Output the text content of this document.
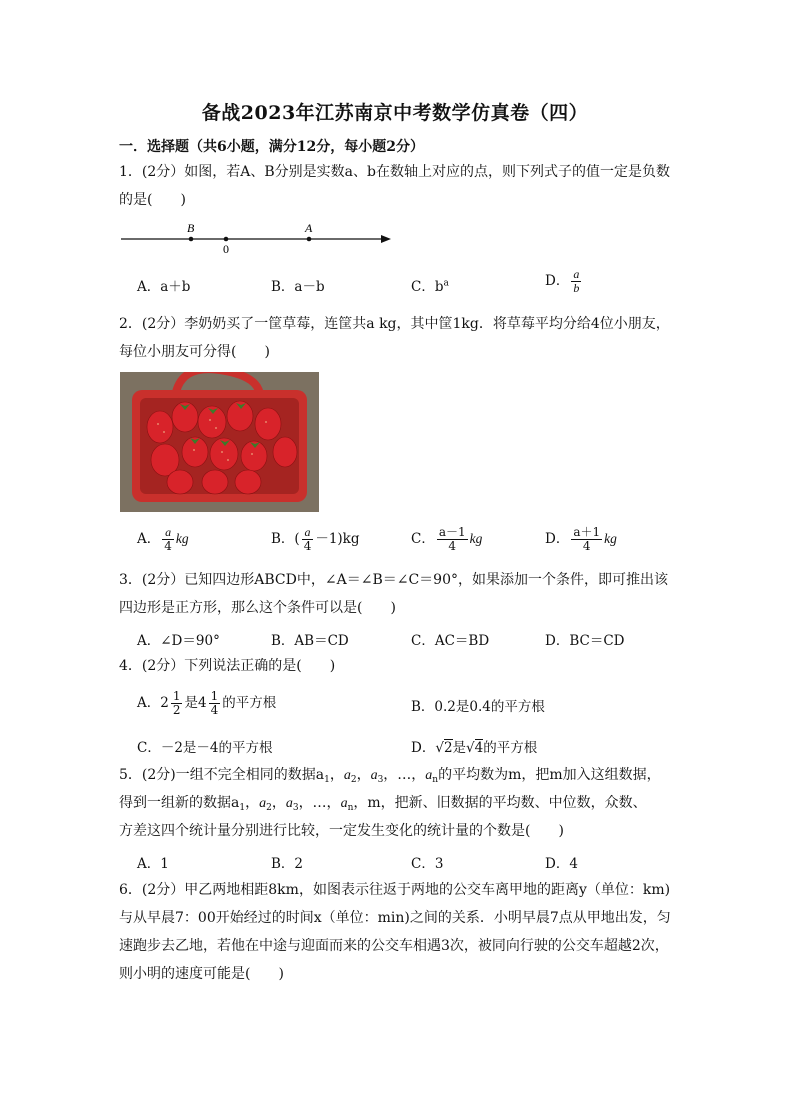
备战2023年江苏南京中考数学仿真卷（四）
一．选择题（共6小题，满分12分，每小题2分）
1．(2分）如图，若A、B分别是实数a、b在数轴上对应的点，则下列式子的值一定是负数的是(　　)
B
0
A
A．a＋b	B．a－b	C．$b^a$	D． $\frac{a}{b}$
2．(2分）李奶奶买了一筐草莓，连筐共a kg，其中筐1kg．将草莓平均分给4位小朋友，每位小朋友可分得(　　)
A． $\frac{a}{4}$ kg	B．( $\frac{a}{4} -1)kg$	C． $\frac{a-1}{4}$ kg	D． $\frac{a+1}{4}$ kg
3．(2分）已知四边形ABCD中，∠A＝∠B＝∠C＝90°，如果添加一个条件，即可推出该四边形是正方形，那么这个条件可以是(　　)
A．∠D＝90°	B．AB＝CD	C．AC＝BD	D．BC＝CD
4．(2分）下列说法正确的是(　　)
A．$2 \frac{1}{2}$ 是$4 \frac{1}{4}$ 的平方根	B．0.2是0.4的平方根
C．－2是－4的平方根	D．√2是√4的平方根
5．(2分)一组不完全相同的数据$a_1$，$a_2$，$a_3$，…，$a_n$的平均数为m，把m加入这组数据，
得到一组新的数据$a_1$，$a_2$，$a_3$，…，$a_n$，m，把新、旧数据的平均数、中位数，众数、
方差这四个统计量分别进行比较，一定发生变化的统计量的个数是(　　)
A．1	B．2	C．3	D．4
6．(2分）甲乙两地相距8km，如图表示往返于两地的公交车离甲地的距离y（单位：km)与从早晨7：00开始经过的时间x（单位：min)之间的关系．小明早晨7点从甲地出发，匀速跑步去乙地，若他在中途与迎面而来的公交车相遇3次，被同向行驶的公交车超越2次，则小明的速度可能是(　　)
